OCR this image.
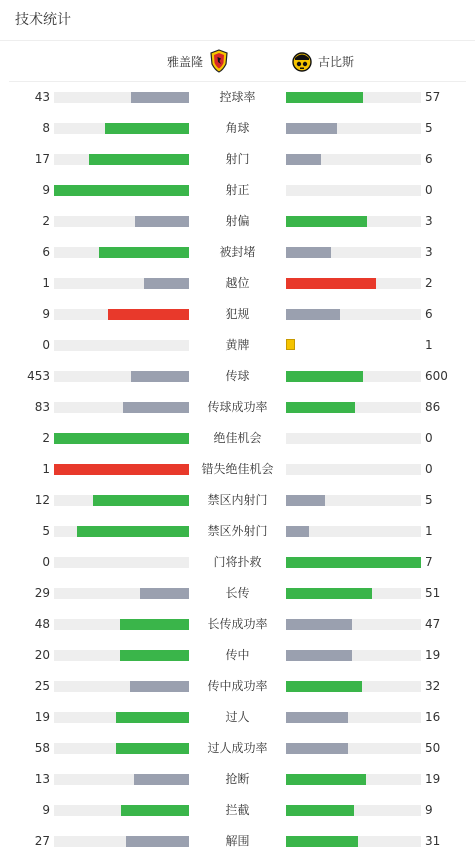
技术统计
雅盖隆	古比斯
43	控球率	57
8	角球	5
17	射门	6
9	射正	0
2	射偏	3
6	被封堵	3
1	越位	2
9	犯规	6
0	黄牌	1
453	传球	600
83	传球成功率	86
2	绝佳机会	0
1	错失绝佳机会	0
12	禁区内射门	5
5	禁区外射门	1
0	门将扑救	7
29	长传	51
48	长传成功率	47
20	传中	19
25	传中成功率	32
19	过人	16
58	过人成功率	50
13	抢断	19
9	拦截	9
27	解围	31
